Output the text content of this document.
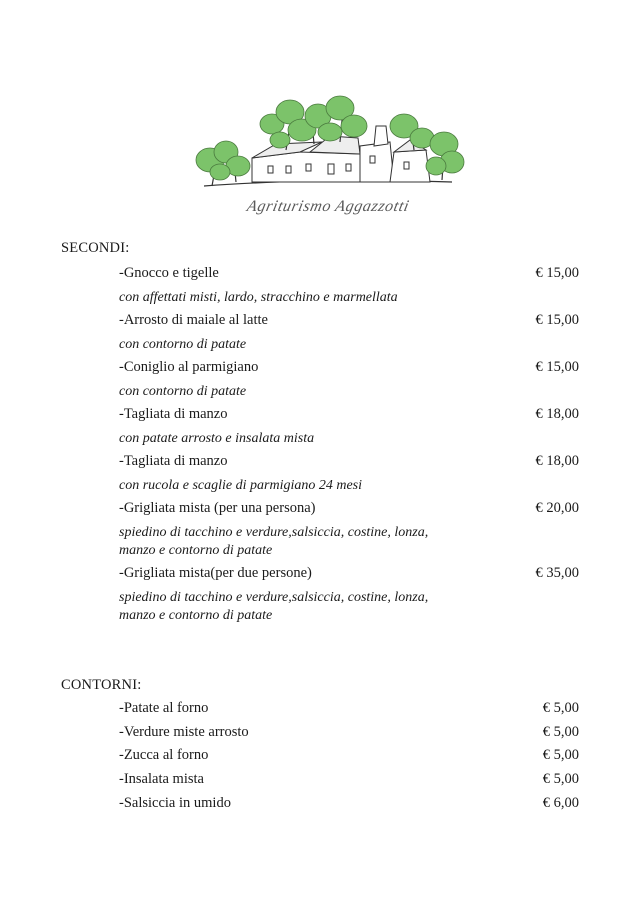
Agriturismo Aggazzotti
SECONDI:
-Gnocco e tigelle	€ 15,00
con affettati misti, lardo, stracchino e marmellata
-Arrosto di maiale al latte	€ 15,00
con contorno di patate
-Coniglio al parmigiano	€ 15,00
con contorno di patate
-Tagliata di manzo	€ 18,00
con patate arrosto e insalata mista
-Tagliata di manzo	€ 18,00
con rucola e scaglie di parmigiano 24 mesi
-Grigliata mista (per una persona)	€ 20,00
spiedino di tacchino e verdure,salsiccia, costine, lonza,
manzo e contorno di patate
-Grigliata mista(per due persone)	€ 35,00
spiedino di tacchino e verdure,salsiccia, costine, lonza,
manzo e contorno di patate
CONTORNI:
-Patate al forno	€ 5,00
-Verdure miste arrosto	€ 5,00
-Zucca al forno	€ 5,00
-Insalata mista	€ 5,00
-Salsiccia in umido	€ 6,00
